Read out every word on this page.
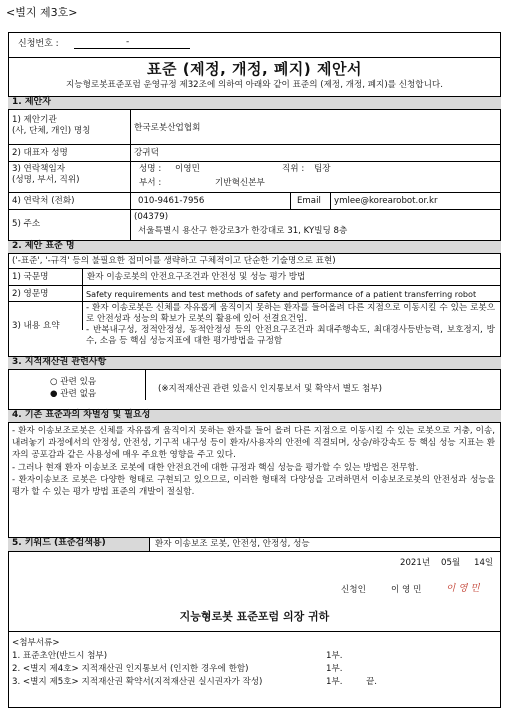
<별지 제3호>
신청번호 :	-
표준 (제정, 개정, 폐지) 제안서
지능형로봇표준포럼 운영규정 제32조에 의하여 아래와 같이 표준의 (제정, 개정, 폐지)를 신청합니다.
1. 제안자
1) 제안기관
(사, 단체, 개인) 명칭	한국로봇산업협회
2) 대표자 성명	강귀덕
3) 연락책임자
(성명, 부서, 직위)
성명 : 이영민	직위 : 팀장
부서 :	기반혁신본부
4) 연락처 (전화)	010-9461-7956	Email ymlee@korearobot.or.kr
5) 주소
(04379)
서울특별시 용산구 한강로3가 한강대로 31, KY빌딩 8층
2. 제안 표준 명
('-표준', '-규격' 등의 불필요한 접미어를 생략하고 구체적이고 단순한 기술명으로 표현)
1) 국문명	환자 이송로봇의 안전요구조건과 안전성 및 성능 평가 방법
2) 영문명	Safety requirements and test methods of safety and performance of a patient transferring robot
3) 내용 요약
- 환자 이송로봇은 신체를 자유롭게 움직이지 못하는 환자를 들어올려 다른 지점으로 이동시킬 수 있는 로봇으로 안전성과 성능의 확보가 로봇의 활용에 있어 선결요건임.
- 반복내구성, 정적안정성, 동적안정성 등의 안전요구조건과 최대주행속도, 최대경사등반능력, 보호정지, 방수, 소음 등 핵심 성능지표에 대한 평가방법을 규정함
3. 지적재산권 관련사항
○ 관련 있음
● 관련 없음	(※지적재산권 관련 있을시 인지통보서 및 확약서 별도 첨부)
4. 기존 표준과의 차별성 및 필요성
- 환자 이송보조로봇은 신체를 자유롭게 움직이지 못하는 환자를 들어 올려 다른 지점으로 이동시킬 수 있는 로봇으로 거충, 이송, 내려놓기 과정에서의 안정성, 안전성, 기구적 내구성 등이 환자/사용자의 안전에 직결되며, 상승/하강속도 등 핵심 성능 지표는 환자의 공포감과 같은 사용성에 매우 주요한 영향을 주고 있다.
- 그러나 현재 환자 이송보조 로봇에 대한 안전요건에 대한 규정과 핵심 성능을 평가할 수 있는 방법은 전무함.
- 환자이송보조 로봇은 다양한 형태로 구현되고 있으므로, 이러한 형태적 다양성을 고려하면서 이송보조로봇의 안전성과 성능을 평가 할 수 있는 평가 방법 표준의 개발이 절실함.
5. 키워드 (표준검색용)	환자 이송보조 로봇, 안전성, 안정성, 성능
2021년 05월 14일
신청인	이 영 민	이 영 민
지능형로봇 표준포럼 의장 귀하
<첨부서류>
1. 표준초안(반드시 첨부)	1부.
2. <별지 제4호> 지적재산권 인지통보서 (인지한 경우에 한함)	1부.
3. <별지 제5호> 지적재산권 확약서(지적재산권 실시권자가 작성)	1부.	끝.
